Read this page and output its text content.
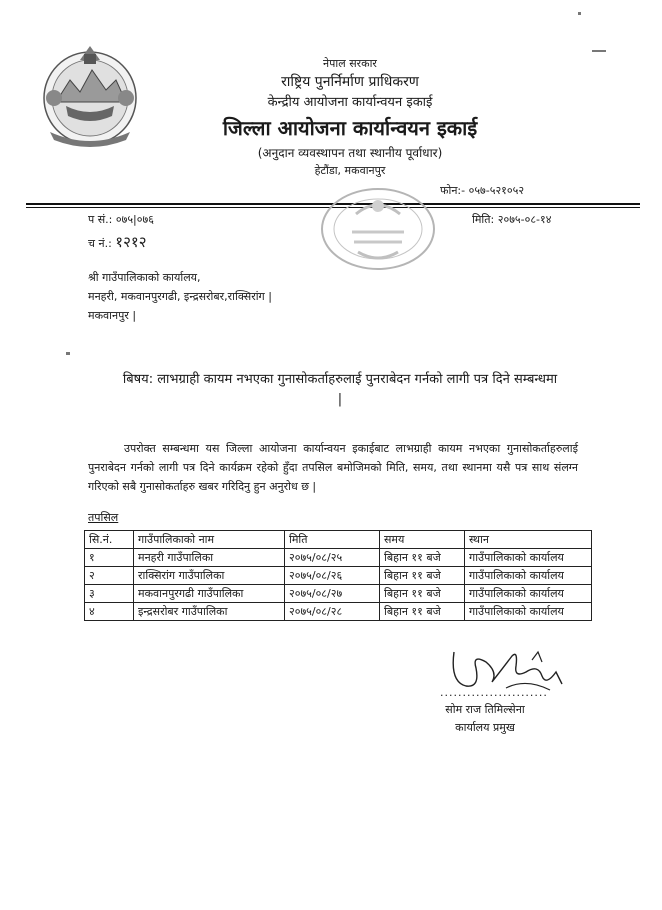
नेपाल सरकार
राष्ट्रिय पुनर्निर्माण प्राधिकरण
केन्द्रीय आयोजना कार्यान्वयन इकाई
जिल्ला आयोजना कार्यान्वयन इकाई
(अनुदान व्यवस्थापन तथा स्थानीय पूर्वाधार)
हेटौंडा, मकवानपुर
फोन:- ०५७-५२१०५२
प सं.: ०७५|०७६
च नं.: १२१२
मिति: २०७५-०८-१४
श्री गाउँपालिकाको कार्यालय,
मनहरी, मकवानपुरगढी, इन्द्रसरोबर,राक्सिरांग |
मकवानपुर |
बिषय: लाभग्राही कायम नभएका गुनासोकर्ताहरुलाई पुनराबेदन गर्नको लागी पत्र दिने सम्बन्धमा |

उपरोक्त सम्बन्धमा यस जिल्ला आयोजना कार्यान्वयन इकाईबाट लाभग्राही कायम नभएका गुनासोकर्ताहरुलाई पुनराबेदन गर्नको लागी पत्र दिने कार्यक्रम रहेको हुँदा तपसिल बमोजिमको मिति, समय, तथा स्थानमा यसै पत्र साथ संलग्न गरिएको सबै गुनासोकर्ताहरु खबर गरिदिनु हुन अनुरोध छ |

तपसिल
सि.नं.	गाउँपालिकाको नाम	मिति	समय	स्थान
१	मनहरी गाउँपालिका	२०७५/०८/२५	बिहान ११ बजे	गाउँपालिकाको कार्यालय
२	राक्सिरांग गाउँपालिका	२०७५/०८/२६	बिहान ११ बजे	गाउँपालिकाको कार्यालय
३	मकवानपुरगढी गाउँपालिका	२०७५/०८/२७	बिहान ११ बजे	गाउँपालिकाको कार्यालय
४	इन्द्रसरोबर गाउँपालिका	२०७५/०८/२८	बिहान ११ बजे	गाउँपालिकाको कार्यालय
........................
सोम राज तिमिल्सेना
कार्यालय प्रमुख
